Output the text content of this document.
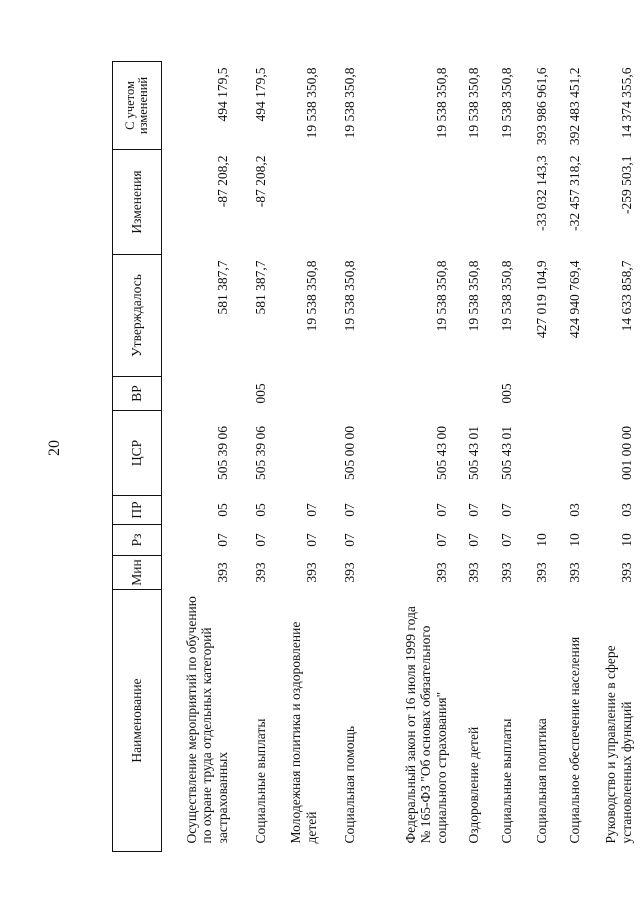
20
Наименование	Мин	Рз	ПР	ЦСР	ВР	Утверждалось	Изменения	С учетом изменений
Осуществление мероприятий по обучению по охране труда отдельных категорий застрахованных	393	07	05	505 39 06		581 387,7	-87 208,2	494 179,5
Социальные выплаты	393	07	05	505 39 06	005	581 387,7	-87 208,2	494 179,5
Молодежная политика и оздоровление детей	393	07	07			19 538 350,8		19 538 350,8
Социальная помощь	393	07	07	505 00 00		19 538 350,8		19 538 350,8
Федеральный закон от 16 июля 1999 года № 165-ФЗ "Об основах обязательного социального страхования"	393	07	07	505 43 00		19 538 350,8		19 538 350,8
Оздоровление детей	393	07	07	505 43 01		19 538 350,8		19 538 350,8
Социальные выплаты	393	07	07	505 43 01	005	19 538 350,8		19 538 350,8
Социальная политика	393	10				427 019 104,9	-33 032 143,3	393 986 961,6
Социальное обеспечение населения	393	10	03			424 940 769,4	-32 457 318,2	392 483 451,2
Руководство и управление в сфере установленных функций	393	10	03	001 00 00		14 633 858,7	-259 503,1	14 374 355,6
